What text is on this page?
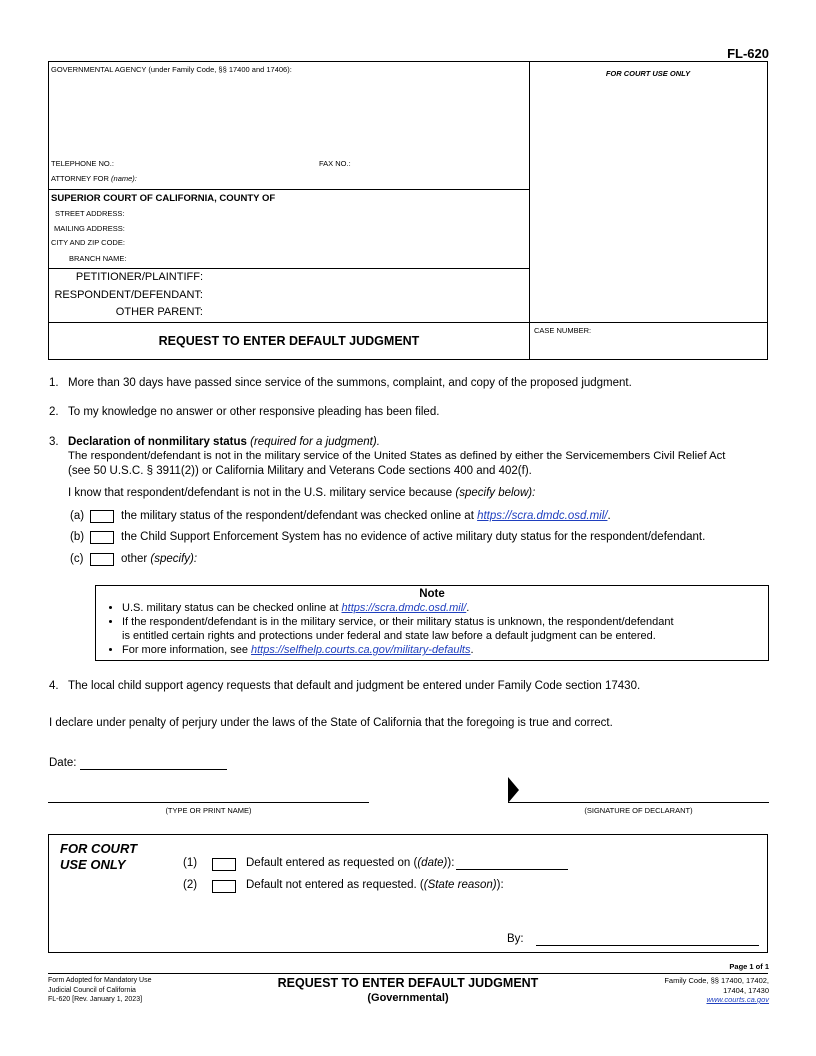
FL-620
GOVERNMENTAL AGENCY (under Family Code, §§ 17400 and 17406):
TELEPHONE NO.:	FAX NO.:
ATTORNEY FOR (name):
SUPERIOR COURT OF CALIFORNIA, COUNTY OF
STREET ADDRESS:
MAILING ADDRESS:
CITY AND ZIP CODE:
BRANCH NAME:
PETITIONER/PLAINTIFF:
RESPONDENT/DEFENDANT:
OTHER PARENT:
REQUEST TO ENTER DEFAULT JUDGMENT
FOR COURT USE ONLY
CASE NUMBER:
1. More than 30 days have passed since service of the summons, complaint, and copy of the proposed judgment.
2. To my knowledge no answer or other responsive pleading has been filed.
3. Declaration of nonmilitary status (required for a judgment).
The respondent/defendant is not in the military service of the United States as defined by either the Servicemembers Civil Relief Act
(see 50 U.S.C. § 3911(2)) or California Military and Veterans Code sections 400 and 402(f).
I know that respondent/defendant is not in the U.S. military service because (specify below):
(a)	the military status of the respondent/defendant was checked online at https://scra.dmdc.osd.mil/.
(b)	the Child Support Enforcement System has no evidence of active military duty status for the respondent/defendant.
(c)	other (specify):
Note
• U.S. military status can be checked online at https://scra.dmdc.osd.mil/.
• If the respondent/defendant is in the military service, or their military status is unknown, the respondent/defendant
is entitled certain rights and protections under federal and state law before a default judgment can be entered.
• For more information, see https://selfhelp.courts.ca.gov/military-defaults.
4. The local child support agency requests that default and judgment be entered under Family Code section 17430.
I declare under penalty of perjury under the laws of the State of California that the foregoing is true and correct.
Date:
(TYPE OR PRINT NAME)	(SIGNATURE OF DECLARANT)
FOR COURT
USE ONLY	(1)	Default entered as requested on ((date)):
(2)	Default not entered as requested. ((State reason)):
By:
Page 1 of 1
Form Adopted for Mandatory Use
Judicial Council of California
FL-620 [Rev. January 1, 2023]
REQUEST TO ENTER DEFAULT JUDGMENT
(Governmental)
Family Code, §§ 17400, 17402,
17404, 17430
www.courts.ca.gov
